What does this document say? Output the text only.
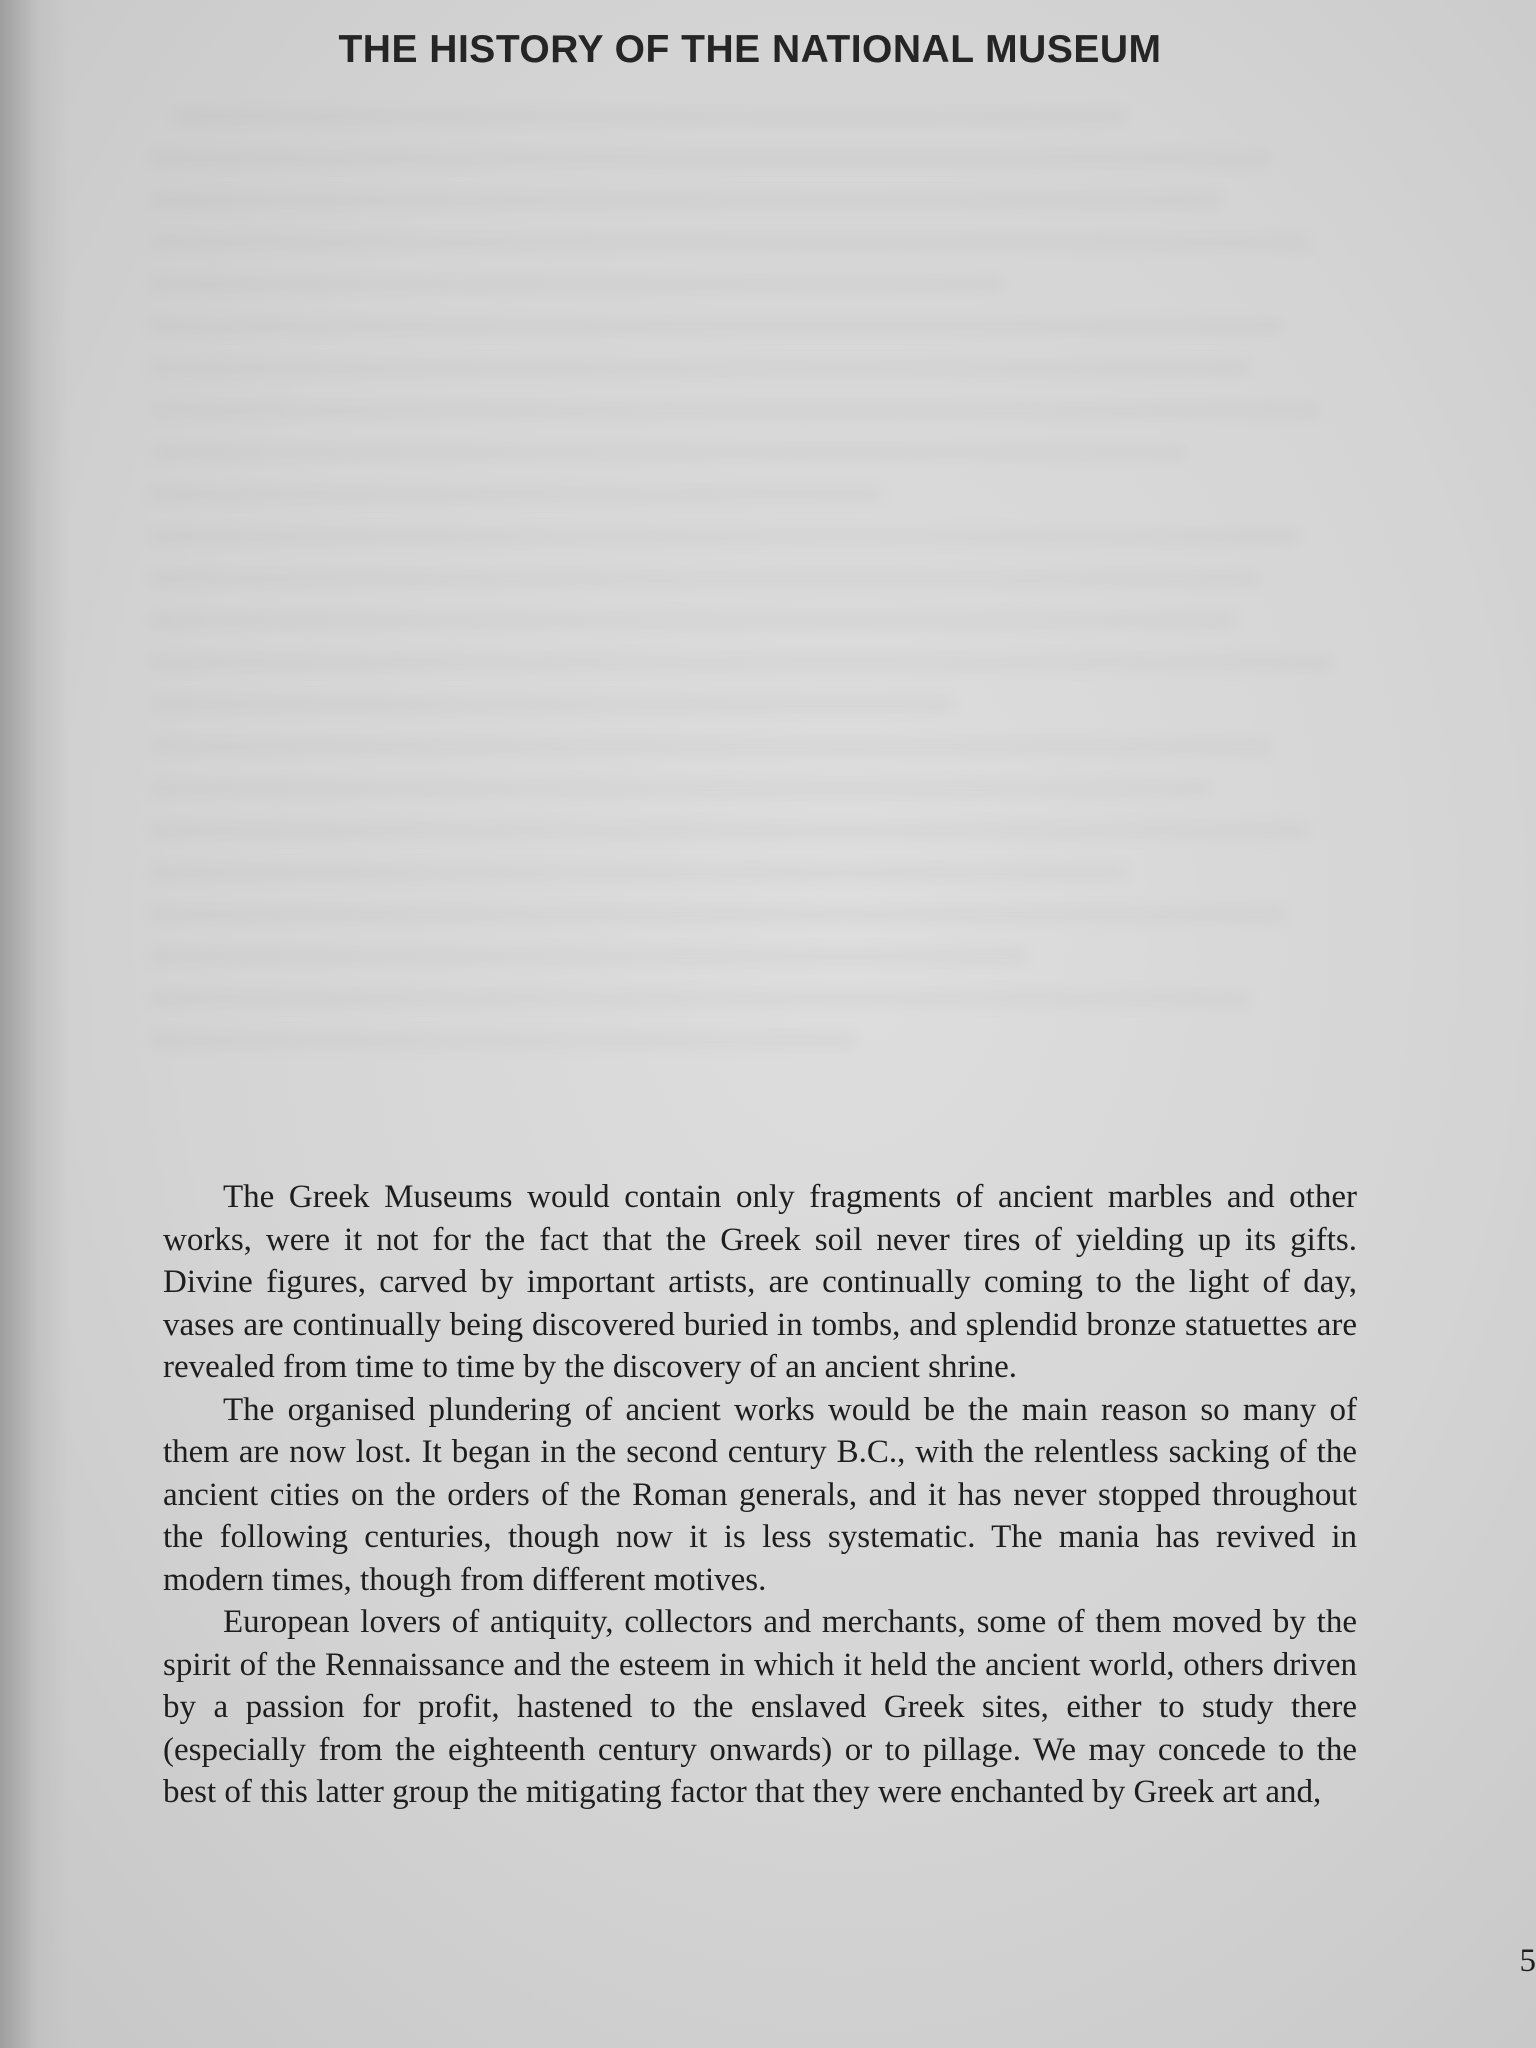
THE HISTORY OF THE NATIONAL MUSEUM

The Greek Museums would contain only fragments of ancient marbles and other works, were it not for the fact that the Greek soil never tires of yielding up its gifts. Divine figures, carved by important artists, are continually coming to the light of day, vases are continually being discovered buried in tombs, and splendid bronze statuettes are revealed from time to time by the discovery of an ancient shrine.

The organised plundering of ancient works would be the main reason so many of them are now lost. It began in the second century B.C., with the relentless sacking of the ancient cities on the orders of the Roman generals, and it has never stopped throughout the following centuries, though now it is less systematic. The mania has revived in modern times, though from different motives.

European lovers of antiquity, collectors and merchants, some of them moved by the spirit of the Rennaissance and the esteem in which it held the ancient world, others driven by a passion for profit, hastened to the enslaved Greek sites, either to study there (especially from the eighteenth century onwards) or to pillage. We may concede to the best of this latter group the mitigating factor that they were enchanted by Greek art and,

5
